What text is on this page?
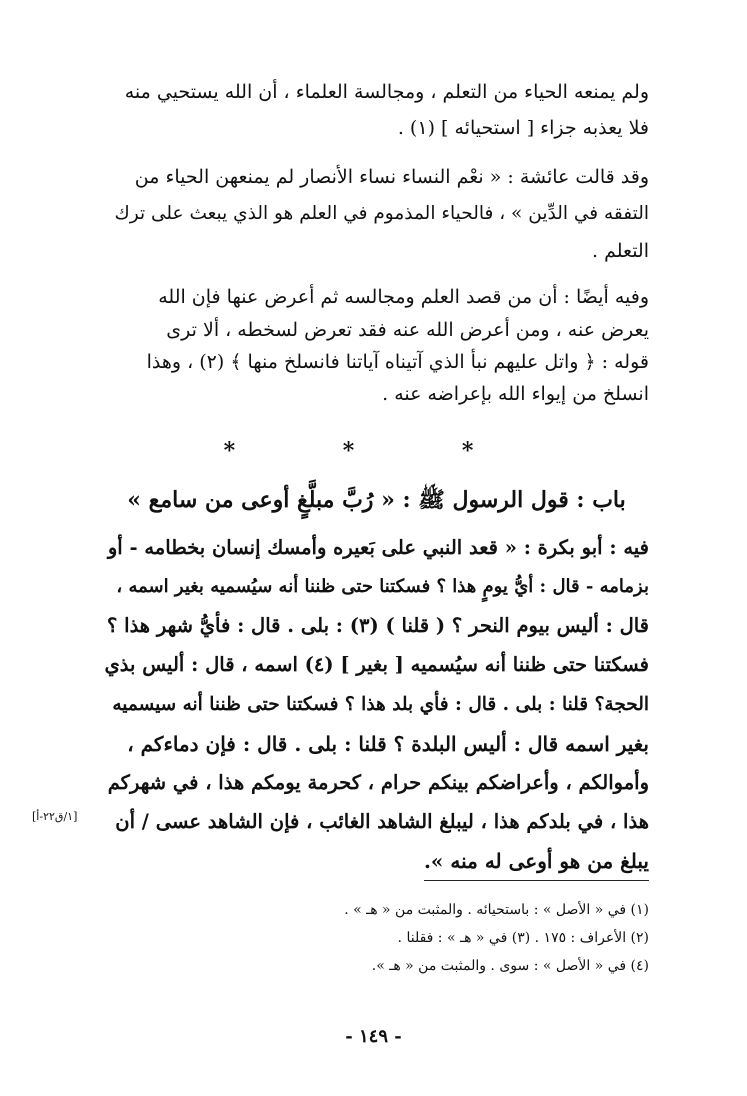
ولم يمنعه الحياء من التعلم ، ومجالسة العلماء ، أن الله يستحيي منه
فلا يعذبه جزاء [ استحيائه ] (١) .
وقد قالت عائشة : « نعْم النساء نساء الأنصار لم يمنعهن الحياء من
التفقه في الدِّين » ، فالحياء المذموم في العلم هو الذي يبعث على ترك
التعلم .
وفيه أيضًا : أن من قصد العلم ومجالسه ثم أعرض عنها فإن الله
يعرض عنه ، ومن أعرض الله عنه فقد تعرض لسخطه ، ألا ترى
قوله : ﴿ واتل عليهم نبأ الذي آتيناه آياتنا فانسلخ منها ﴾ (٢) ، وهذا
انسلخ من إيواء الله بإعراضه عنه .
* * *
باب : قول الرسول ﷺ : « رُبَّ مبلَّغٍ أوعى من سامع »
فيه : أبو بكرة : « قعد النبي على بَعيره وأمسك إنسان بخطامه - أو
بزمامه - قال : أيُّ يومٍ هذا ؟ فسكتنا حتى ظننا أنه سيُسميه بغير اسمه ،
قال : أليس بيوم النحر ؟ ( قلنا ) (٣) : بلى . قال : فأيُّ شهر هذا ؟
فسكتنا حتى ظننا أنه سيُسميه [ بغير ] (٤) اسمه ، قال : أليس بذي
الحجة؟ قلنا : بلى . قال : فأي بلد هذا ؟ فسكتنا حتى ظننا أنه سيسميه
بغير اسمه قال : أليس البلدة ؟ قلنا : بلى . قال : فإن دماءكم ،
وأموالكم ، وأعراضكم بينكم حرام ، كحرمة يومكم هذا ، في شهركم
هذا ، في بلدكم هذا ، ليبلغ الشاهد الغائب ، فإن الشاهد عسى / أن
يبلغ من هو أوعى له منه ».
[١/ق٢٢-أ]
(١) في « الأصل » : باستحيائه . والمثبت من « هـ » .
(٢) الأعراف : ١٧٥ . (٣) في « هـ » : فقلنا .
(٤) في « الأصل » : سوى . والمثبت من « هـ ».
- ١٤٩ -
